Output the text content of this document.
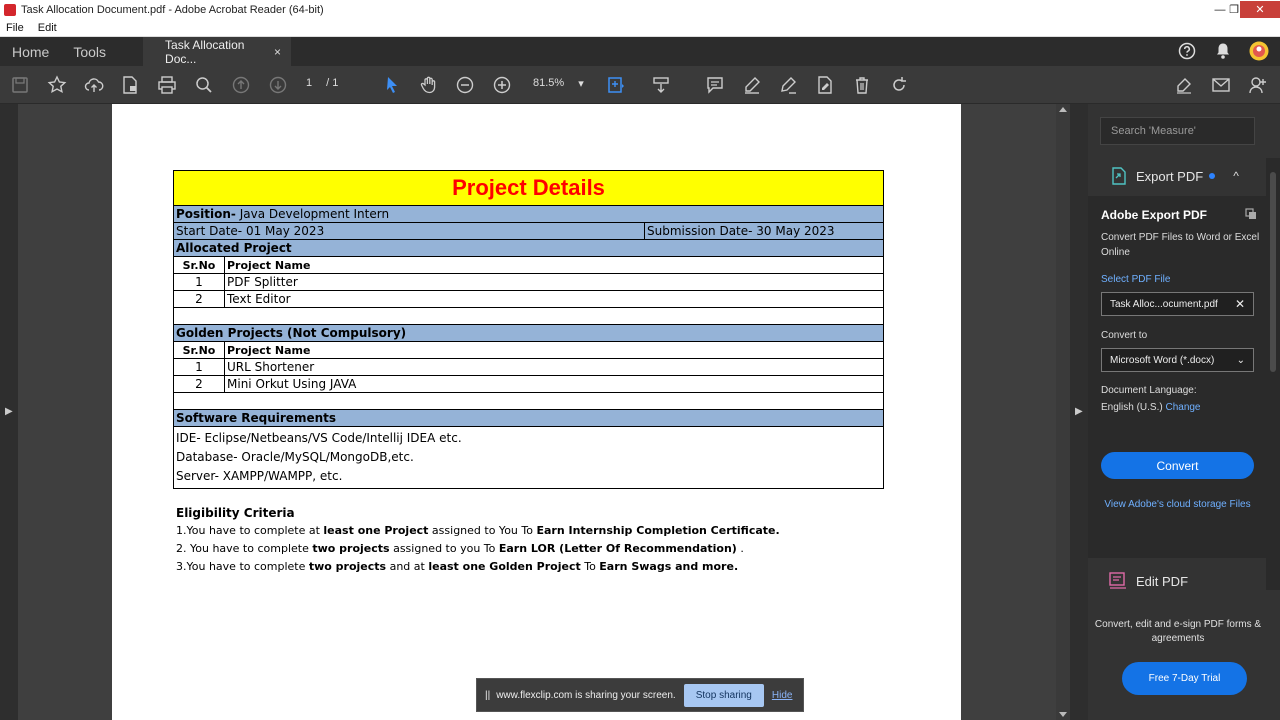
Task Allocation Document.pdf - Adobe Acrobat Reader (64-bit)	— ❐	✕
File Edit
Home	Tools	Task Allocation Doc...	×
1 / 1	81.5% ▾
▶
Project Details
Position- Java Development Intern
Start Date- 01 May 2023	Submission Date- 30 May 2023
Allocated Project
Sr.No	Project Name
1	PDF Splitter
2	Text Editor
Golden Projects (Not Compulsory)
Sr.No	Project Name
1	URL Shortener
2	Mini Orkut Using JAVA
Software Requirements
IDE- Eclipse/Netbeans/VS Code/Intellij IDEA etc.
Database- Oracle/MySQL/MongoDB,etc.
Server- XAMPP/WAMPP, etc.
Eligibility Criteria
1.You have to complete at least one Project assigned to You To Earn Internship Completion Certificate.
2. You have to complete two projects assigned to you To Earn LOR (Letter Of Recommendation) .
3.You have to complete two projects and at least one Golden Project To Earn Swags and more.
▶
|| www.flexclip.com is sharing your screen.	Stop sharing	Hide
Search 'Measure'
Export PDF	^
Adobe Export PDF
Convert PDF Files to Word or Excel Online
Select PDF File
Task Alloc...ocument.pdf ✕
Convert to
Microsoft Word (*.docx) ⌄
Document Language:
English (U.S.) Change
Convert
View Adobe's cloud storage Files
Edit PDF
Convert, edit and e-sign PDF forms & agreements
Free 7-Day Trial
